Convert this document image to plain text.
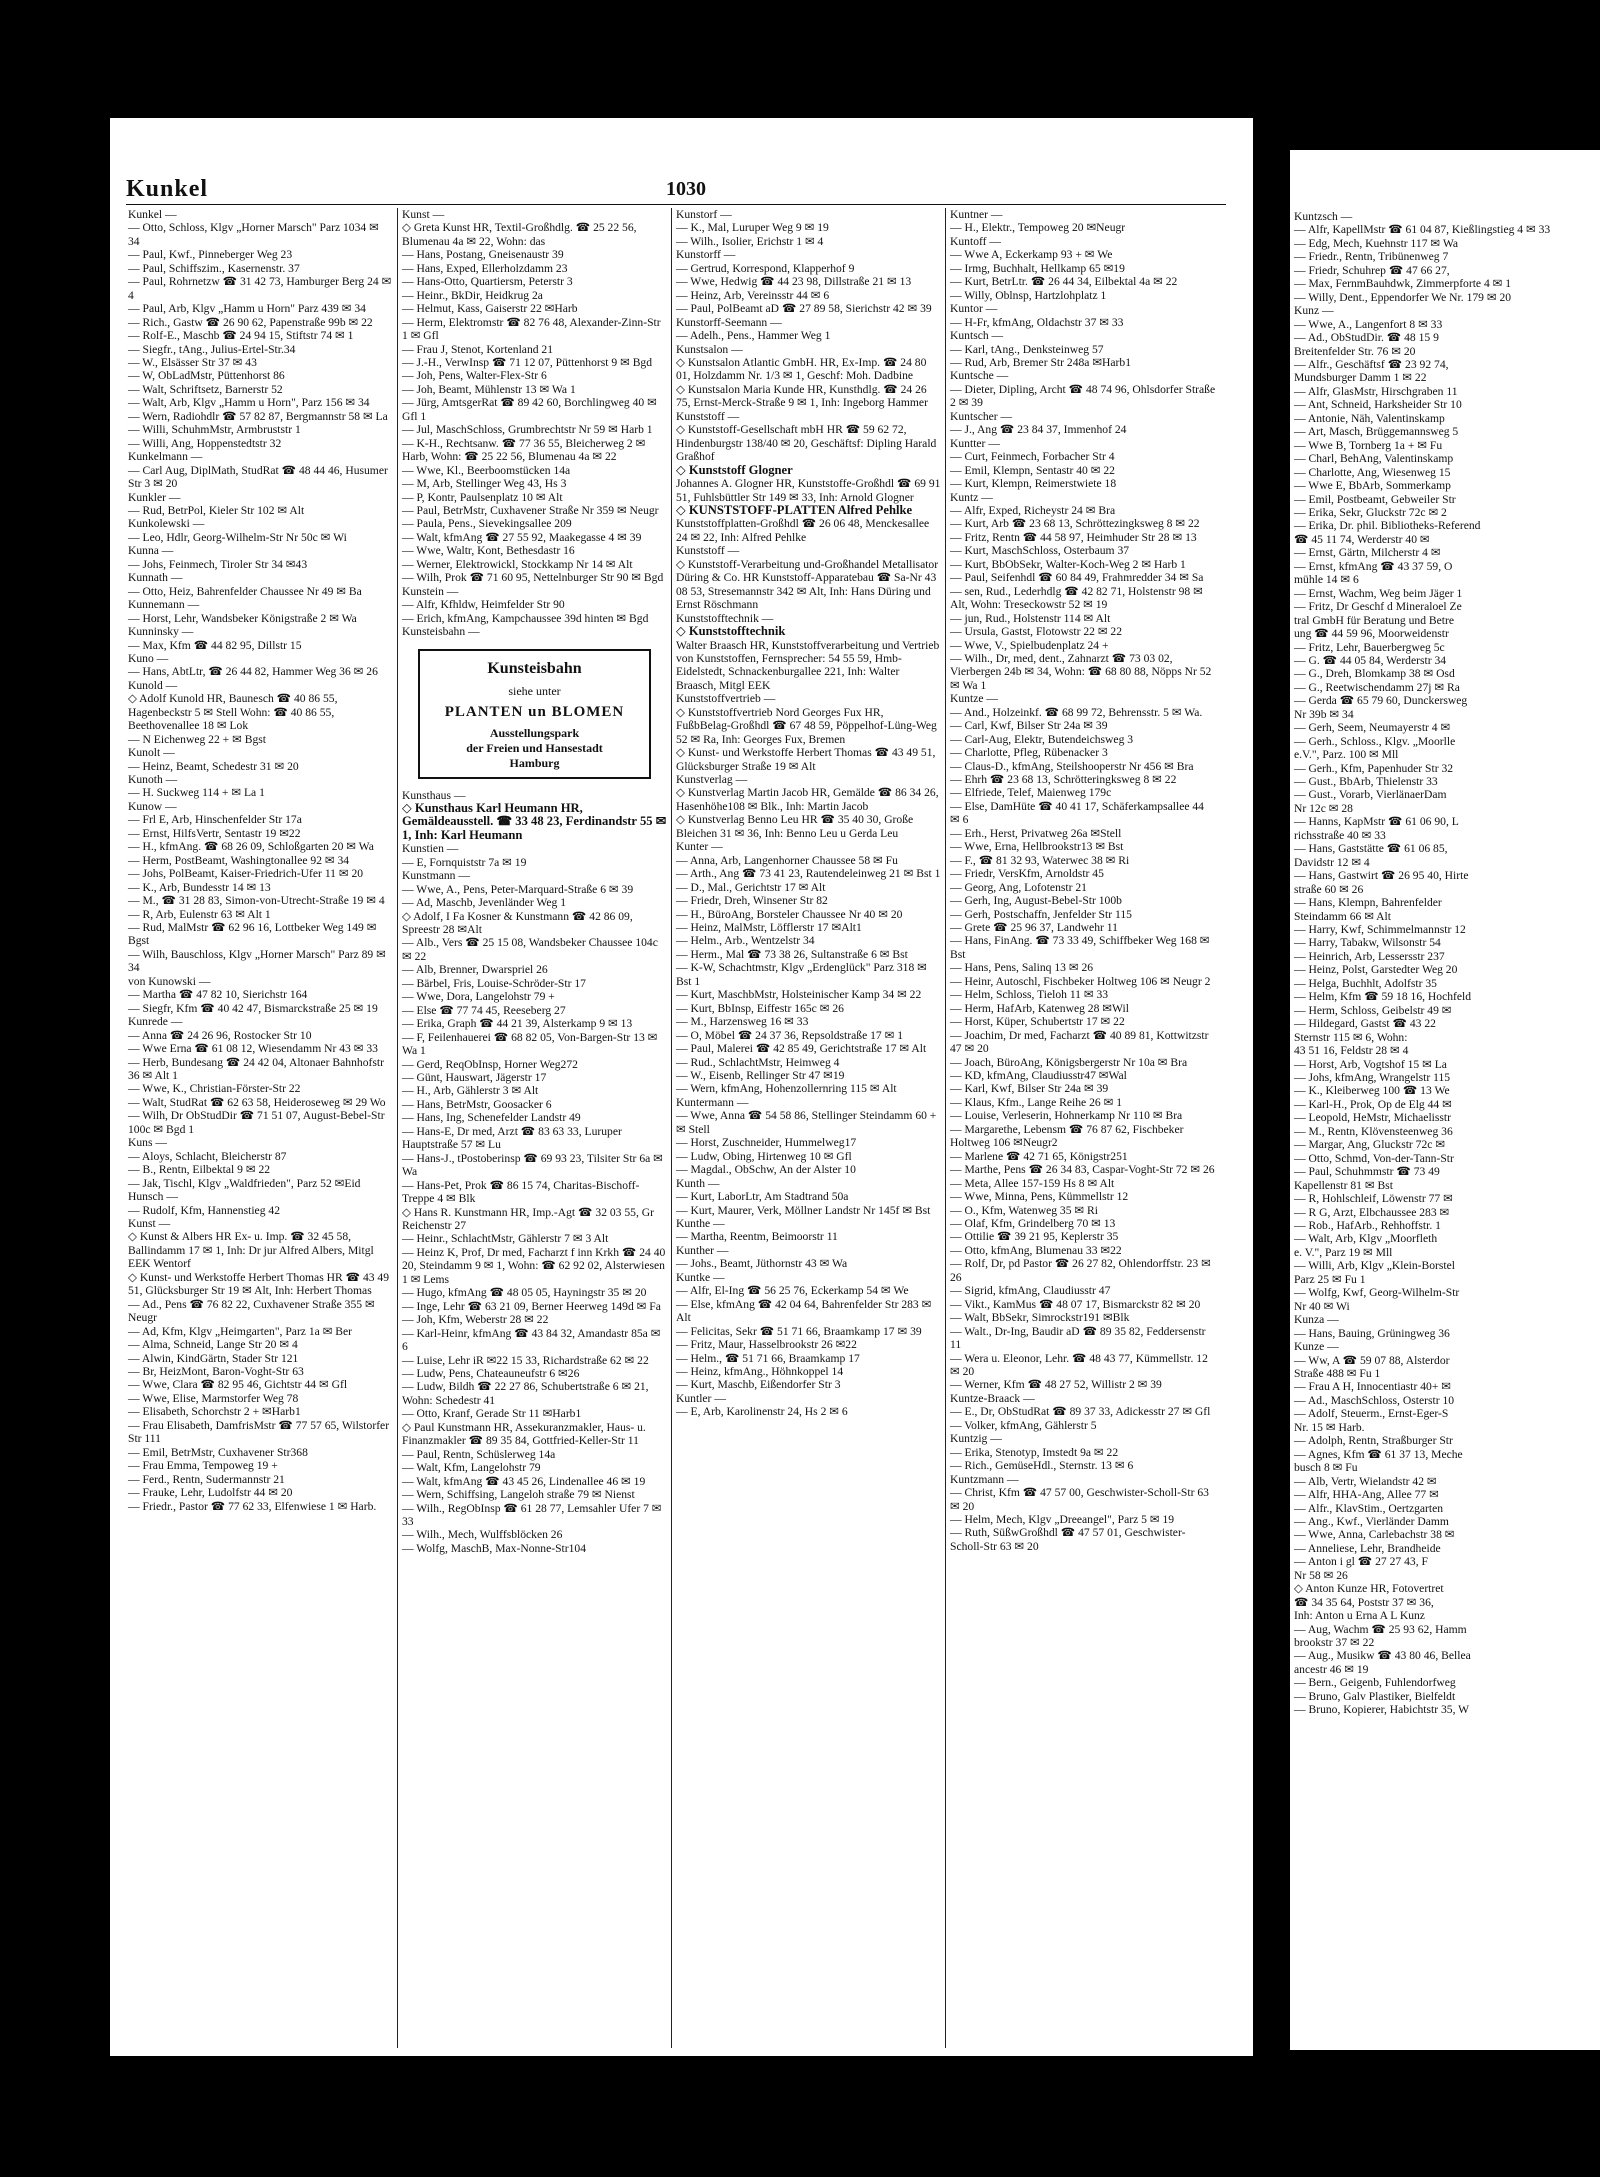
Kunkel	1030
Kunkel —
— Otto, Schloss, Klgv „Horner Marsch" Parz 1034 ✉ 34
— Paul, Kwf., Pinneberger Weg 23
— Paul, Schiffszim., Kasernenstr. 37
— Paul, Rohrnetzw ☎ 31 42 73, Hamburger Berg 24 ✉ 4
— Paul, Arb, Klgv „Hamm u Horn" Parz 439 ✉ 34
— Rich., Gastw ☎ 26 90 62, Papenstraße 99b ✉ 22
— Rolf-E., Maschb ☎ 24 94 15, Stiftstr 74 ✉ 1
— Siegfr., tAng., Julius-Ertel-Str.34
— W., Elsässer Str 37 ✉ 43
— W, ObLadMstr, Püttenhorst 86
— Walt, Schriftsetz, Barnerstr 52
— Walt, Arb, Klgv „Hamm u Horn", Parz 156 ✉ 34
— Wern, Radiohdlr ☎ 57 82 87, Bergmannstr 58 ✉ La
— Willi, SchuhmMstr, Armbruststr 1
— Willi, Ang, Hoppenstedtstr 32
Kunkelmann —
— Carl Aug, DiplMath, StudRat ☎ 48 44 46, Husumer Str 3 ✉ 20
Kunkler —
— Rud, BetrPol, Kieler Str 102 ✉ Alt
Kunkolewski —
— Leo, Hdlr, Georg-Wilhelm-Str Nr 50c ✉ Wi
Kunna —
— Johs, Feinmech, Tiroler Str 34 ✉43
Kunnath —
— Otto, Heiz, Bahrenfelder Chaussee Nr 49 ✉ Ba
Kunnemann —
— Horst, Lehr, Wandsbeker Königstraße 2 ✉ Wa
Kunninsky —
— Max, Kfm ☎ 44 82 95, Dillstr 15
Kuno —
— Hans, AbtLtr, ☎ 26 44 82, Hammer Weg 36 ✉ 26
Kunold —
◇ Adolf Kunold HR, Baunesch ☎ 40 86 55, Hagenbeckstr 5 ✉ Stell Wohn: ☎ 40 86 55, Beethovenallee 18 ✉ Lok
— N Eichenweg 22 + ✉ Bgst
Kunolt —
— Heinz, Beamt, Schedestr 31 ✉ 20
Kunoth —
— H. Suckweg 114 + ✉ La 1
Kunow —
— Frl E, Arb, Hinschenfelder Str 17a
— Ernst, HilfsVertr, Sentastr 19 ✉22
— H., kfmAng. ☎ 68 26 09, Schloßgarten 20 ✉ Wa
— Herm, PostBeamt, Washingtonallee 92 ✉ 34
— Johs, PolBeamt, Kaiser-Friedrich-Ufer 11 ✉ 20
— K., Arb, Bundesstr 14 ✉ 13
— M., ☎ 31 28 83, Simon-von-Utrecht-Straße 19 ✉ 4
— R, Arb, Eulenstr 63 ✉ Alt 1
— Rud, MalMstr ☎ 62 96 16, Lottbeker Weg 149 ✉ Bgst
— Wilh, Bauschloss, Klgv „Horner Marsch" Parz 89 ✉ 34
von Kunowski —
— Martha ☎ 47 82 10, Sierichstr 164
— Siegfr, Kfm ☎ 40 42 47, Bismarckstraße 25 ✉ 19
Kunrede —
— Anna ☎ 24 26 96, Rostocker Str 10
— Wwe Erna ☎ 61 08 12, Wiesendamm Nr 43 ✉ 33
— Herb, Bundesang ☎ 24 42 04, Altonaer Bahnhofstr 36 ✉ Alt 1
— Wwe, K., Christian-Förster-Str 22
— Walt, StudRat ☎ 62 63 58, Heideroseweg ✉ 29 Wo
— Wilh, Dr ObStudDir ☎ 71 51 07, August-Bebel-Str 100c ✉ Bgd 1
Kuns —
— Aloys, Schlacht, Bleicherstr 87
— B., Rentn, Eilbektal 9 ✉ 22
— Jak, Tischl, Klgv „Waldfrieden", Parz 52 ✉Eid
Hunsch —
— Rudolf, Kfm, Hannenstieg 42
Kunst —
◇ Kunst & Albers HR Ex- u. Imp. ☎ 32 45 58, Ballindamm 17 ✉ 1, Inh: Dr jur Alfred Albers, Mitgl EEK Wentorf
◇ Kunst- und Werkstoffe Herbert Thomas HR ☎ 43 49 51, Glücksburger Str 19 ✉ Alt, Inh: Herbert Thomas
— Ad., Pens ☎ 76 82 22, Cuxhavener Straße 355 ✉ Neugr
— Ad, Kfm, Klgv „Heimgarten", Parz 1a ✉ Ber
— Alma, Schneid, Lange Str 20 ✉ 4
— Alwin, KindGärtn, Stader Str 121
— Br, HeizMont, Baron-Voght-Str 63
— Wwe, Clara ☎ 82 95 46, Gichtstr 44 ✉ Gfl
— Wwe, Elise, Marmstorfer Weg 78
— Elisabeth, Schorchstr 2 + ✉Harb1
— Frau Elisabeth, DamfrisMstr ☎ 77 57 65, Wilstorfer Str 111
— Emil, BetrMstr, Cuxhavener Str368
— Frau Emma, Tempoweg 19 +
— Ferd., Rentn, Sudermannstr 21
— Frauke, Lehr, Ludolfstr 44 ✉ 20
— Friedr., Pastor ☎ 77 62 33, Elfenwiese 1 ✉ Harb.
Kunst —
◇ Greta Kunst HR, Textil-Großhdlg. ☎ 25 22 56, Blumenau 4a ✉ 22, Wohn: das
— Hans, Postang, Gneisenaustr 39
— Hans, Exped, Ellerholzdamm 23
— Hans-Otto, Quartiersm, Peterstr 3
— Heinr., BkDir, Heidkrug 2a
— Helmut, Kass, Gaiserstr 22 ✉Harb
— Herm, Elektromstr ☎ 82 76 48, Alexander-Zinn-Str 1 ✉ Gfl
— Frau J, Stenot, Kortenland 21
— J.-H., VerwInsp ☎ 71 12 07, Püttenhorst 9 ✉ Bgd
— Joh, Pens, Walter-Flex-Str 6
— Joh, Beamt, Mühlenstr 13 ✉ Wa 1
— Jürg, AmtsgerRat ☎ 89 42 60, Borchlingweg 40 ✉ Gfl 1
— Jul, MaschSchloss, Grumbrechtstr Nr 59 ✉ Harb 1
— K-H., Rechtsanw. ☎ 77 36 55, Bleicherweg 2 ✉ Harb, Wohn: ☎ 25 22 56, Blumenau 4a ✉ 22
— Wwe, Kl., Beerboomstücken 14a
— M, Arb, Stellinger Weg 43, Hs 3
— P, Kontr, Paulsenplatz 10 ✉ Alt
— Paul, BetrMstr, Cuxhavener Straße Nr 359 ✉ Neugr
— Paula, Pens., Sievekingsallee 209
— Walt, kfmAng ☎ 27 55 92, Maakegasse 4 ✉ 39
— Wwe, Waltr, Kont, Bethesdastr 16
— Werner, Elektrowickl, Stockkamp Nr 14 ✉ Alt
— Wilh, Prok ☎ 71 60 95, Nettelnburger Str 90 ✉ Bgd
Kunstein —
— Alfr, Kfhldw, Heimfelder Str 90
— Erich, kfmAng, Kampchaussee 39d hinten ✉ Bgd
Kunsteisbahn —
Kunsteisbahn
siehe unter
PLANTEN un BLOMEN
Ausstellungspark
der Freien und Hansestadt
Hamburg
Kunsthaus —
◇ Kunsthaus Karl Heumann HR, Gemäldeausstell. ☎ 33 48 23, Ferdinandstr 55 ✉ 1, Inh: Karl Heumann
Kunstien —
— E, Fornquiststr 7a ✉ 19
Kunstmann —
— Wwe, A., Pens, Peter-Marquard-Straße 6 ✉ 39
— Ad, Maschb, Jevenländer Weg 1
◇ Adolf, I Fa Kosner & Kunstmann ☎ 42 86 09, Spreestr 28 ✉Alt
— Alb., Vers ☎ 25 15 08, Wandsbeker Chaussee 104c ✉ 22
— Alb, Brenner, Dwarspriel 26
— Bärbel, Fris, Louise-Schröder-Str 17
— Wwe, Dora, Langelohstr 79 +
— Else ☎ 77 74 45, Reeseberg 27
— Erika, Graph ☎ 44 21 39, Alsterkamp 9 ✉ 13
— F, Feilenhauerei ☎ 68 82 05, Von-Bargen-Str 13 ✉ Wa 1
— Gerd, ReqObInsp, Horner Weg272
— Günt, Hauswart, Jägerstr 17
— H., Arb, Gählerstr 3 ✉ Alt
— Hans, BetrMstr, Goosacker 6
— Hans, Ing, Schenefelder Landstr 49
— Hans-E, Dr med, Arzt ☎ 83 63 33, Luruper Hauptstraße 57 ✉ Lu
— Hans-J., tPostoberinsp ☎ 69 93 23, Tilsiter Str 6a ✉ Wa
— Hans-Pet, Prok ☎ 86 15 74, Charitas-Bischoff-Treppe 4 ✉ Blk
◇ Hans R. Kunstmann HR, Imp.-Agt ☎ 32 03 55, Gr Reichenstr 27
— Heinr., SchlachtMstr, Gählerstr 7 ✉ 3 Alt
— Heinz K, Prof, Dr med, Facharzt f inn Krkh ☎ 24 40 20, Steindamm 9 ✉ 1, Wohn: ☎ 62 92 02, Alsterwiesen 1 ✉ Lems
— Hugo, kfmAng ☎ 48 05 05, Hayningstr 35 ✉ 20
— Inge, Lehr ☎ 63 21 09, Berner Heerweg 149d ✉ Fa
— Joh, Kfm, Weberstr 28 ✉ 22
— Karl-Heinr, kfmAng ☎ 43 84 32, Amandastr 85a ✉ 6
— Luise, Lehr iR ✉22 15 33, Richardstraße 62 ✉ 22
— Ludw, Pens, Chateauneufstr 6 ✉26
— Ludw, Bildh ☎ 22 27 86, Schubertstraße 6 ✉ 21, Wohn: Schedestr 41
— Otto, Kranf, Gerade Str 11 ✉Harb1
◇ Paul Kunstmann HR, Assekuranzmakler, Haus- u. Finanzmakler ☎ 89 35 84, Gottfried-Keller-Str 11
— Paul, Rentn, Schüslerweg 14a
— Walt, Kfm, Langelohstr 79
— Walt, kfmAng ☎ 43 45 26, Lindenallee 46 ✉ 19
— Wern, Schiffsing, Langeloh straße 79 ✉ Nienst
— Wilh., RegObInsp ☎ 61 28 77, Lemsahler Ufer 7 ✉ 33
— Wilh., Mech, Wulffsblöcken 26
— Wolfg, MaschB, Max-Nonne-Str104
Kunstorf —
— K., Mal, Luruper Weg 9 ✉ 19
— Wilh., Isolier, Erichstr 1 ✉ 4
Kunstorff —
— Gertrud, Korrespond, Klapperhof 9
— Wwe, Hedwig ☎ 44 23 98, Dillstraße 21 ✉ 13
— Heinz, Arb, Vereinsstr 44 ✉ 6
— Paul, PolBeamt aD ☎ 27 89 58, Sierichstr 42 ✉ 39
Kunstorff-Seemann —
— Adelh., Pens., Hammer Weg 1
Kunstsalon —
◇ Kunstsalon Atlantic GmbH. HR, Ex-Imp. ☎ 24 80 01, Holzdamm Nr. 1/3 ✉ 1, Geschf: Moh. Dadbine
◇ Kunstsalon Maria Kunde HR, Kunsthdlg. ☎ 24 26 75, Ernst-Merck-Straße 9 ✉ 1, Inh: Ingeborg Hammer
Kunststoff —
◇ Kunststoff-Gesellschaft mbH HR ☎ 59 62 72, Hindenburgstr 138/40 ✉ 20, Geschäftsf: Dipling Harald Graßhof
◇ Kunststoff Glogner
Johannes A. Glogner HR, Kunststoffe-Großhdl ☎ 69 91 51, Fuhlsbüttler Str 149 ✉ 33, Inh: Arnold Glogner
◇ KUNSTSTOFF-PLATTEN Alfred Pehlke
Kunststoffplatten-Großhdl ☎ 26 06 48, Menckesallee 24 ✉ 22, Inh: Alfred Pehlke
Kunststoff —
◇ Kunststoff-Verarbeitung und-Großhandel Metallisator Düring & Co. HR Kunststoff-Apparatebau ☎ Sa-Nr 43 08 53, Stresemannstr 342 ✉ Alt, Inh: Hans Düring und Ernst Röschmann
Kunststofftechnik —
◇ Kunststofftechnik
Walter Braasch HR, Kunststoffverarbeitung und Vertrieb von Kunststoffen, Fernsprecher: 54 55 59, Hmb-Eidelstedt, Schnackenburgallee 221, Inh: Walter Braasch, Mitgl EEK
Kunststoffvertrieb —
◇ Kunststoffvertrieb Nord Georges Fux HR, FußbBelag-Großhdl ☎ 67 48 59, Pöppelhof-Lüng-Weg 52 ✉ Ra, Inh: Georges Fux, Bremen
◇ Kunst- und Werkstoffe Herbert Thomas ☎ 43 49 51, Glücksburger Straße 19 ✉ Alt
Kunstverlag —
◇ Kunstverlag Martin Jacob HR, Gemälde ☎ 86 34 26, Hasenhöhe108 ✉ Blk., Inh: Martin Jacob
◇ Kunstverlag Benno Leu HR ☎ 35 40 30, Große Bleichen 31 ✉ 36, Inh: Benno Leu u Gerda Leu
Kunter —
— Anna, Arb, Langenhorner Chaussee 58 ✉ Fu
— Arth., Ang ☎ 73 41 23, Rautendeleinweg 21 ✉ Bst 1
— D., Mal., Gerichtstr 17 ✉ Alt
— Friedr, Dreh, Winsener Str 82
— H., BüroAng, Borsteler Chaussee Nr 40 ✉ 20
— Heinz, MalMstr, Löfflerstr 17 ✉Alt1
— Helm., Arb., Wentzelstr 34
— Herm., Mal ☎ 73 38 26, Sultanstraße 6 ✉ Bst
— K-W, Schachtmstr, Klgv „Erdenglück" Parz 318 ✉ Bst 1
— Kurt, MaschbMstr, Holsteinischer Kamp 34 ✉ 22
— Kurt, BbInsp, Eiffestr 165c ✉ 26
— M., Harzensweg 16 ✉ 33
— O, Möbel ☎ 24 37 36, Repsoldstraße 17 ✉ 1
— Paul, Malerei ☎ 42 85 49, Gerichtstraße 17 ✉ Alt
— Rud., SchlachtMstr, Heimweg 4
— W., Eisenb, Rellinger Str 47 ✉19
— Wern, kfmAng, Hohenzollernring 115 ✉ Alt
Kuntermann —
— Wwe, Anna ☎ 54 58 86, Stellinger Steindamm 60 + ✉ Stell
— Horst, Zuschneider, Hummelweg17
— Ludw, Obing, Hirtenweg 10 ✉ Gfl
— Magdal., ObSchw, An der Alster 10
Kunth —
— Kurt, LaborLtr, Am Stadtrand 50a
— Kurt, Maurer, Verk, Möllner Landstr Nr 145f ✉ Bst
Kunthe —
— Martha, Reentm, Beimoorstr 11
Kunther —
— Johs., Beamt, Jüthornstr 43 ✉ Wa
Kuntke —
— Alfr, El-Ing ☎ 56 25 76, Eckerkamp 54 ✉ We
— Else, kfmAng ☎ 42 04 64, Bahrenfelder Str 283 ✉ Alt
— Felicitas, Sekr ☎ 51 71 66, Braamkamp 17 ✉ 39
— Fritz, Maur, Hasselbrookstr 26 ✉22
— Helm., ☎ 51 71 66, Braamkamp 17
— Heinz, kfmAng., Höhnkoppel 14
— Kurt, Maschb, Eißendorfer Str 3
Kuntler —
— E, Arb, Karolinenstr 24, Hs 2 ✉ 6
Kuntner —
— H., Elektr., Tempoweg 20 ✉Neugr
Kuntoff —
— Wwe A, Eckerkamp 93 + ✉ We
— Irmg, Buchhalt, Hellkamp 65 ✉19
— Kurt, BetrLtr. ☎ 26 44 34, Eilbektal 4a ✉ 22
— Willy, Oblnsp, Hartzlohplatz 1
Kuntor —
— H-Fr, kfmAng, Oldachstr 37 ✉ 33
Kuntsch —
— Karl, tAng., Denksteinweg 57
— Rud, Arb, Bremer Str 248a ✉Harb1
Kuntsche —
— Dieter, Dipling, Archt ☎ 48 74 96, Ohlsdorfer Straße 2 ✉ 39
Kuntscher —
— J., Ang ☎ 23 84 37, Immenhof 24
Kuntter —
— Curt, Feinmech, Forbacher Str 4
— Emil, Klempn, Sentastr 40 ✉ 22
— Kurt, Klempn, Reimerstwiete 18
Kuntz —
— Alfr, Exped, Richeystr 24 ✉ Bra
— Kurt, Arb ☎ 23 68 13, Schröttezingksweg 8 ✉ 22
— Fritz, Rentn ☎ 44 58 97, Heimhuder Str 28 ✉ 13
— Kurt, MaschSchloss, Osterbaum 37
— Kurt, BbObSekr, Walter-Koch-Weg 2 ✉ Harb 1
— Paul, Seifenhdl ☎ 60 84 49, Frahmredder 34 ✉ Sa
— sen, Rud., Lederhdlg ☎ 42 82 71, Holstenstr 98 ✉ Alt, Wohn: Treseckowstr 52 ✉ 19
— jun, Rud., Holstenstr 114 ✉ Alt
— Ursula, Gastst, Flotowstr 22 ✉ 22
— Wwe, V., Spielbudenplatz 24 +
— Wilh., Dr, med, dent., Zahnarzt ☎ 73 03 02, Vierbergen 24b ✉ 34, Wohn: ☎ 68 80 88, Nöpps Nr 52 ✉ Wa 1
Kuntze —
— And., Holzeinkf. ☎ 68 99 72, Behrensstr. 5 ✉ Wa.
— Carl, Kwf, Bilser Str 24a ✉ 39
— Carl-Aug, Elektr, Butendeichsweg 3
— Charlotte, Pfleg, Rübenacker 3
— Claus-D., kfmAng, Steilshooperstr Nr 456 ✉ Bra
— Ehrh ☎ 23 68 13, Schrötteringksweg 8 ✉ 22
— Elfriede, Telef, Maienweg 179c
— Else, DamHüte ☎ 40 41 17, Schäferkampsallee 44 ✉ 6
— Erh., Herst, Privatweg 26a ✉Stell
— Wwe, Erna, Hellbrookstr13 ✉ Bst
— F., ☎ 81 32 93, Waterwec 38 ✉ Ri
— Friedr, VersKfm, Arnoldstr 45
— Georg, Ang, Lofotenstr 21
— Gerh, Ing, August-Bebel-Str 100b
— Gerh, Postschaffn, Jenfelder Str 115
— Grete ☎ 25 96 37, Landwehr 11
— Hans, FinAng. ☎ 73 33 49, Schiffbeker Weg 168 ✉ Bst
— Hans, Pens, Salinq 13 ✉ 26
— Heinr, Autoschl, Fischbeker Holtweg 106 ✉ Neugr 2
— Helm, Schloss, Tieloh 11 ✉ 33
— Herm, HafArb, Katenweg 28 ✉Wil
— Horst, Küper, Schubertstr 17 ✉ 22
— Joachim, Dr med, Facharzt ☎ 40 89 81, Kottwitzstr 47 ✉ 20
— Joach, BüroAng, Königsbergerstr Nr 10a ✉ Bra
— KD, kfmAng, Claudiusstr47 ✉Wal
— Karl, Kwf, Bilser Str 24a ✉ 39
— Klaus, Kfm., Lange Reihe 26 ✉ 1
— Louise, Verleserin, Hohnerkamp Nr 110 ✉ Bra
— Margarethe, Lebensm ☎ 76 87 62, Fischbeker Holtweg 106 ✉Neugr2
— Marlene ☎ 42 71 65, Königstr251
— Marthe, Pens ☎ 26 34 83, Caspar-Voght-Str 72 ✉ 26
— Meta, Allee 157-159 Hs 8 ✉ Alt
— Wwe, Minna, Pens, Kümmellstr 12
— O., Kfm, Watenweg 35 ✉ Ri
— Olaf, Kfm, Grindelberg 70 ✉ 13
— Ottilie ☎ 39 21 95, Keplerstr 35
— Otto, kfmAng, Blumenau 33 ✉22
— Rolf, Dr, pd Pastor ☎ 26 27 82, Ohlendorffstr. 23 ✉ 26
— Sigrid, kfmAng, Claudiusstr 47
— Vikt., KamMus ☎ 48 07 17, Bismarckstr 82 ✉ 20
— Walt, BbSekr, Simrockstr191 ✉Blk
— Walt., Dr-Ing, Baudir aD ☎ 89 35 82, Feddersenstr 11
— Wera u. Eleonor, Lehr. ☎ 48 43 77, Kümmellstr. 12 ✉ 20
— Werner, Kfm ☎ 48 27 52, Willistr 2 ✉ 39
Kuntze-Braack —
— E., Dr, ObStudRat ☎ 89 37 33, Adickesstr 27 ✉ Gfl
— Volker, kfmAng, Gählerstr 5
Kuntzig —
— Erika, Stenotyp, Imstedt 9a ✉ 22
— Rich., GemüseHdl., Sternstr. 13 ✉ 6
Kuntzmann —
— Christ, Kfm ☎ 47 57 00, Geschwister-Scholl-Str 63 ✉ 20
— Helm, Mech, Klgv „Dreeangel", Parz 5 ✉ 19
— Ruth, SüßwGroßhdl ☎ 47 57 01, Geschwister-Scholl-Str 63 ✉ 20
Kuntzsch —
— Alfr, KapellMstr ☎ 61 04 87, Kießlingstieg 4 ✉ 33
— Edg, Mech, Kuehnstr 117 ✉ Wa
— Friedr., Rentn, Tribünenweg 7
— Friedr, Schuhrep ☎ 47 66 27,
— Max, FernmBauhdwk, Zimmerpforte 4 ✉ 1
— Willy, Dent., Eppendorfer We Nr. 179 ✉ 20
Kunz —
— Wwe, A., Langenfort 8 ✉ 33
— Ad., ObStudDir. ☎ 48 15 9
Breitenfelder Str. 76 ✉ 20
— Alfr., Geschäftsf ☎ 23 92 74,
Mundsburger Damm 1 ✉ 22
— Alfr, GlasMstr, Hirschgraben 11
— Ant, Schneid, Harksheider Str 10
— Antonie, Näh, Valentinskamp
— Art, Masch, Brüggemannsweg 5
— Wwe B, Tornberg 1a + ✉ Fu
— Charl, BehAng, Valentinskamp
— Charlotte, Ang, Wiesenweg 15
— Wwe E, BbArb, Sommerkamp
— Emil, Postbeamt, Gebweiler Str
— Erika, Sekr, Gluckstr 72c ✉ 2
— Erika, Dr. phil. Bibliotheks-Referend
☎ 45 11 74, Werderstr 40 ✉
— Ernst, Gärtn, Milcherstr 4 ✉
— Ernst, kfmAng ☎ 43 37 59, O
mühle 14 ✉ 6
— Ernst, Wachm, Weg beim Jäger 1
— Fritz, Dr Geschf d Mineraloel Ze
tral GmbH für Beratung und Betre
ung ☎ 44 59 96, Moorweidenstr
— Fritz, Lehr, Bauerbergweg 5c
— G. ☎ 44 05 84, Werderstr 34
— G., Dreh, Blomkamp 38 ✉ Osd
— G., Reetwischendamm 27j ✉ Ra
— Gerda ☎ 65 79 60, Dunckersweg
Nr 39b ✉ 34
— Gerh, Seem, Neumayerstr 4 ✉
— Gerh., Schloss., Klgv. „Moorlle
e.V.", Parz. 100 ✉ Mll
— Gerh., Kfm, Papenhuder Str 32
— Gust., BbArb, Thielenstr 33
— Gust., Vorarb, VierlänaerDam
Nr 12c ✉ 28
— Hanns, KapMstr ☎ 61 06 90, L
richsstraße 40 ✉ 33
— Hans, Gaststätte ☎ 61 06 85,
Davidstr 12 ✉ 4
— Hans, Gastwirt ☎ 26 95 40, Hirte
straße 60 ✉ 26
— Hans, Klempn, Bahrenfelder
Steindamm 66 ✉ Alt
— Harry, Kwf, Schimmelmannstr 12
— Harry, Tabakw, Wilsonstr 54
— Heinrich, Arb, Lessersstr 237
— Heinz, Polst, Garstedter Weg 20
— Helga, Buchhlt, Adolfstr 35
— Helm, Kfm ☎ 59 18 16, Hochfeld
— Herm, Schloss, Geibelstr 49 ✉
— Hildegard, Gastst ☎ 43 22
Sternstr 115 ✉ 6, Wohn:
43 51 16, Feldstr 28 ✉ 4
— Horst, Arb, Vogtshof 15 ✉ La
— Johs, kfmAng, Wrangelstr 115
— K., Kleiberweg 100 ☎ 13 We
— Karl-H., Prok, Op de Elg 44 ✉
— Leopold, HeMstr, Michaelisstr
— M., Rentn, Klövensteenweg 36
— Margar, Ang, Gluckstr 72c ✉
— Otto, Schmd, Von-der-Tann-Str
— Paul, Schuhmmstr ☎ 73 49
Kapellenstr 81 ✉ Bst
— R, Hohlschleif, Löwenstr 77 ✉
— R G, Arzt, Elbchaussee 283 ✉
— Rob., HafArb., Rehhoffstr. 1
— Walt, Arb, Klgv „Moorfleth
e. V.", Parz 19 ✉ Mll
— Willi, Arb, Klgv „Klein-Borstel
Parz 25 ✉ Fu 1
— Wolfg, Kwf, Georg-Wilhelm-Str
Nr 40 ✉ Wi
Kunza —
— Hans, Bauing, Grüningweg 36
Kunze —
— Ww, A ☎ 59 07 88, Alsterdor
Straße 488 ✉ Fu 1
— Frau A H, Innocentiastr 40+ ✉
— Ad., MaschSchloss, Osterstr 10
— Adolf, Steuerm., Ernst-Eger-S
Nr. 15 ✉ Harb.
— Adolph, Rentn, Straßburger Str
— Agnes, Kfm ☎ 61 37 13, Meche
busch 8 ✉ Fu
— Alb, Vertr, Wielandstr 42 ✉
— Alfr, HHA-Ang, Allee 77 ✉
— Alfr., KlavStim., Oertzgarten
— Ang., Kwf., Vierländer Damm
— Wwe, Anna, Carlebachstr 38 ✉
— Anneliese, Lehr, Brandheide
— Anton i gl ☎ 27 27 43, F
Nr 58 ✉ 26
◇ Anton Kunze HR, Fotovertret
☎ 34 35 64, Poststr 37 ✉ 36,
Inh: Anton u Erna A L Kunz
— Aug, Wachm ☎ 25 93 62, Hamm
brookstr 37 ✉ 22
— Aug., Musikw ☎ 43 80 46, Bellea
ancestr 46 ✉ 19
— Bern., Geigenb, Fuhlendorfweg
— Bruno, Galv Plastiker, Bielfeldt
— Bruno, Kopierer, Habichtstr 35, W
